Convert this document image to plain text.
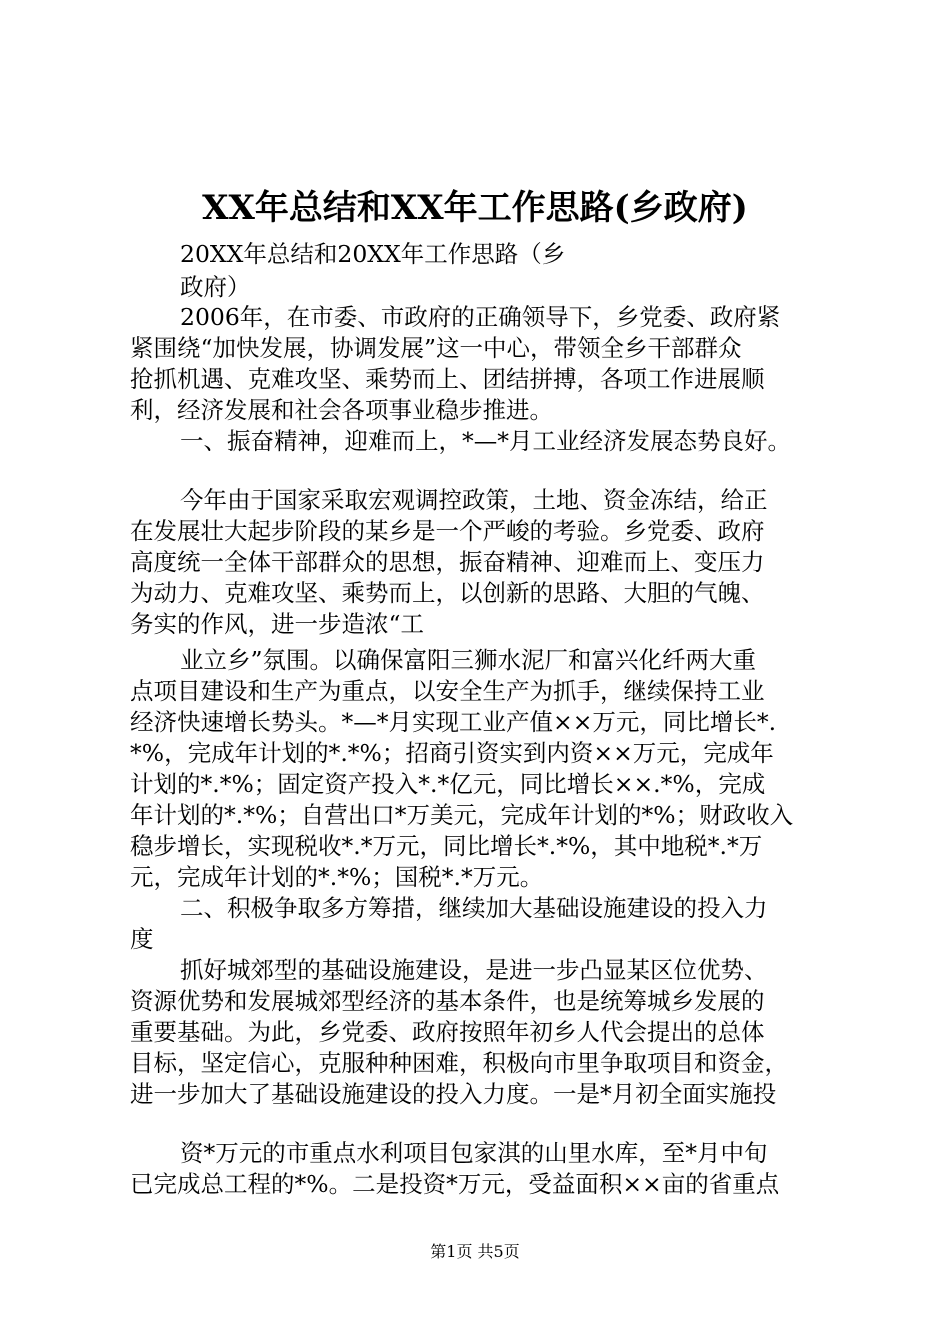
XX年总结和XX年工作思路(乡政府)
20XX年总结和20XX年工作思路（乡
政府）
2006年，在市委、市政府的正确领导下，乡党委、政府紧
紧围绕“加快发展，协调发展”这一中心，带领全乡干部群众
抢抓机遇、克难攻坚、乘势而上、团结拼搏，各项工作进展顺
利，经济发展和社会各项事业稳步推进。
一、振奋精神，迎难而上，*—*月工业经济发展态势良好。
今年由于国家采取宏观调控政策，土地、资金冻结，给正
在发展壮大起步阶段的某乡是一个严峻的考验。乡党委、政府
高度统一全体干部群众的思想，振奋精神、迎难而上、变压力
为动力、克难攻坚、乘势而上，以创新的思路、大胆的气魄、
务实的作风，进一步造浓“工
业立乡”氛围。以确保富阳三狮水泥厂和富兴化纤两大重
点项目建设和生产为重点，以安全生产为抓手，继续保持工业
经济快速增长势头。*—*月实现工业产值××万元，同比增长*.
*%，完成年计划的*.*%；招商引资实到内资××万元，完成年
计划的*.*%；固定资产投入*.*亿元，同比增长××.*%，完成
年计划的*.*%；自营出口*万美元，完成年计划的*%；财政收入
稳步增长，实现税收*.*万元，同比增长*.*%，其中地税*.*万
元，完成年计划的*.*%；国税*.*万元。
二、积极争取多方筹措，继续加大基础设施建设的投入力
度
抓好城郊型的基础设施建设，是进一步凸显某区位优势、
资源优势和发展城郊型经济的基本条件，也是统筹城乡发展的
重要基础。为此，乡党委、政府按照年初乡人代会提出的总体
目标，坚定信心，克服种种困难，积极向市里争取项目和资金，
进一步加大了基础设施建设的投入力度。一是*月初全面实施投
资*万元的市重点水利项目包家淇的山里水库，至*月中旬
已完成总工程的*%。二是投资*万元，受益面积××亩的省重点
第1页 共5页
